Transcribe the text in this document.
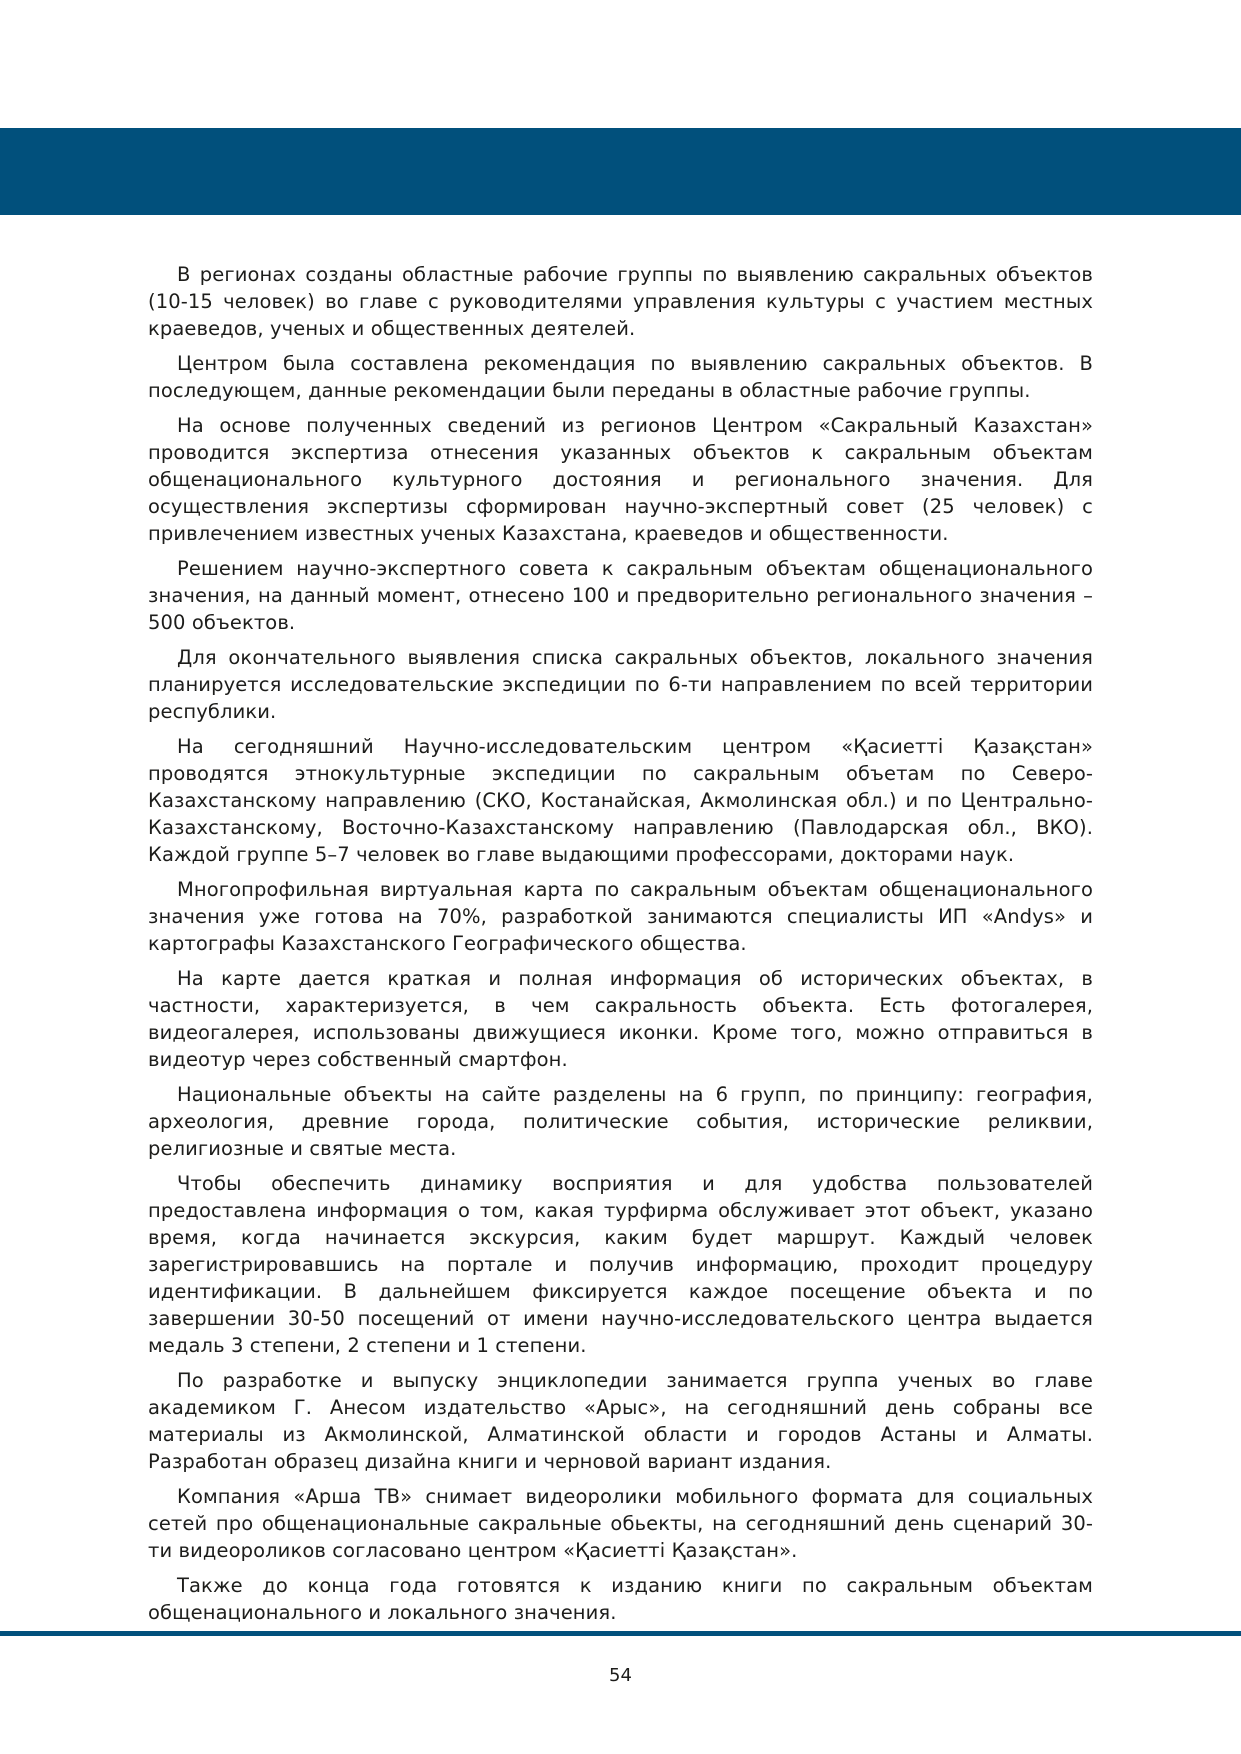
В регионах созданы областные рабочие группы по выявлению сакральных объектов (10-15 человек) во главе с руководителями управления культуры с участием местных краеведов, ученых и общественных деятелей.

Центром была составлена рекомендация по выявлению сакральных объектов. В последующем, данные рекомендации были переданы в областные рабочие группы.

На основе полученных сведений из регионов Центром «Сакральный Казахстан» проводится экспертиза отнесения указанных объектов к сакральным объектам общенационального культурного достояния и регионального значения. Для осуществления экспертизы сформирован научно-экспертный совет (25 человек) с привлечением известных ученых Казахстана, краеведов и общественности.

Решением научно-экспертного совета к сакральным объектам общенационального значения, на данный момент, отнесено 100 и предворительно регионального значения – 500 объектов.

Для окончательного выявления списка сакральных объектов, локального значения планируется исследовательские экспедиции по 6-ти направлением по всей территории республики.

На сегодняшний Научно-исследовательским центром «Қасиетті Қазақстан» проводятся этнокультурные экспедиции по сакральным объетам по Северо-Казахстанскому направлению (СКО, Костанайская, Акмолинская обл.) и по Центрально-Казахстанскому, Восточно-Казахстанскому направлению (Павлодарская обл., ВКО). Каждой группе 5–7 человек во главе выдающими профессорами, докторами наук.

Многопрофильная виртуальная карта по сакральным объектам общенационального значения уже готова на 70%, разработкой занимаются специалисты ИП «Andys» и картографы Казахстанского Географического общества.

На карте дается краткая и полная информация об исторических объектах, в частности, характеризуется, в чем сакральность объекта. Есть фотогалерея, видеогалерея, использованы движущиеся иконки. Кроме того, можно отправиться в видеотур через собственный смартфон.

Национальные объекты на сайте разделены на 6 групп, по принципу: география, археология, древние города, политические события, исторические реликвии, религиозные и святые места.

Чтобы обеспечить динамику восприятия и для удобства пользователей предоставлена информация о том, какая турфирма обслуживает этот объект, указано время, когда начинается экскурсия, каким будет маршрут. Каждый человек зарегистрировавшись на портале и получив информацию, проходит процедуру идентификации. В дальнейшем фиксируется каждое посещение объекта и по завершении 30-50 посещений от имени научно-исследовательского центра выдается медаль 3 степени, 2 степени и 1 степени.

По разработке и выпуску энциклопедии занимается группа ученых во главе академиком Г. Анесом издательство «Арыс», на сегодняшний день собраны все материалы из Акмолинской, Алматинской области и городов Астаны и Алматы. Разработан образец дизайна книги и черновой вариант издания.

Компания «Арша ТВ» снимает видеоролики мобильного формата для социальных сетей про общенациональные сакральные обьекты, на сегодняшний день сценарий 30-ти видеороликов согласовано центром «Қасиетті Қазақстан».

Также до конца года готовятся к изданию книги по сакральным объектам общенационального и локального значения.

54
